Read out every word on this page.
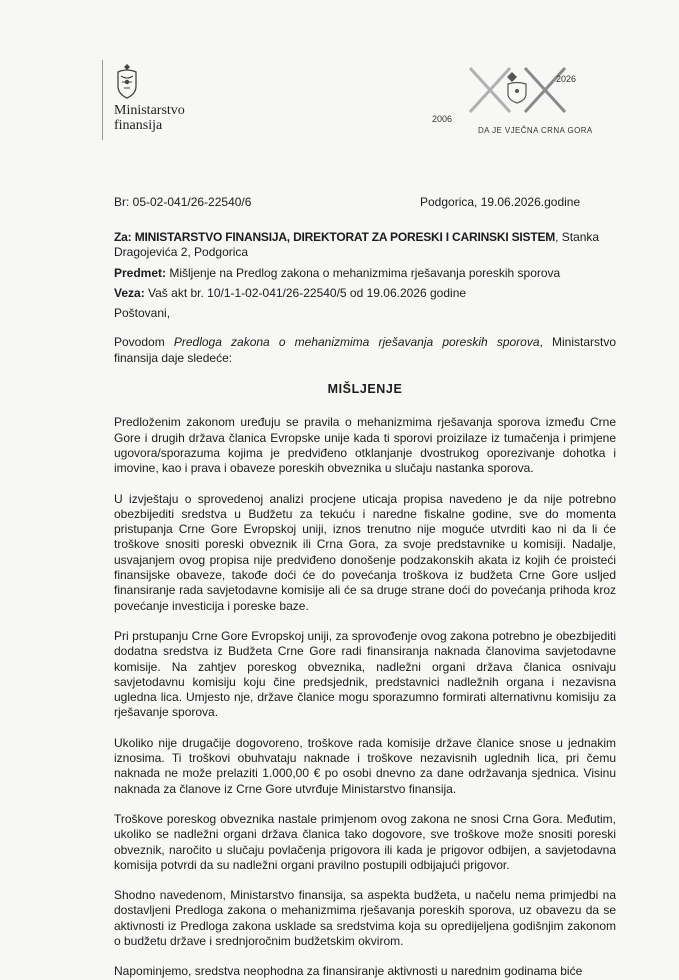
Ministarstvo
finansija	2006
2026
DA JE VJEČNA CRNA GORA
Br: 05-02-041/26-22540/6	Podgorica, 19.06.2026.godine

Za: MINISTARSTVO FINANSIJA, DIREKTORAT ZA PORESKI I CARINSKI SISTEM, Stanka Dragojevića 2, Podgorica

Predmet: Mišljenje na Predlog zakona o mehanizmima rješavanja poreskih sporova

Veza: Vaš akt br. 10/1-1-02-041/26-22540/5 od 19.06.2026 godine

Poštovani,

Povodom Predloga zakona o mehanizmima rješavanja poreskih sporova, Ministarstvo finansija daje sledeće:

MIŠLJENJE

Predloženim zakonom uređuju se pravila o mehanizmima rješavanja sporova između Crne Gore i drugih država članica Evropske unije kada ti sporovi proizilaze iz tumačenja i primjene ugovora/sporazuma kojima je predviđeno otklanjanje dvostrukog oporezivanje dohotka i imovine, kao i prava i obaveze poreskih obveznika u slučaju nastanka sporova.

U izvještaju o sprovedenoj analizi procjene uticaja propisa navedeno je da nije potrebno obezbijediti sredstva u Budžetu za tekuću i naredne fiskalne godine, sve do momenta pristupanja Crne Gore Evropskoj uniji, iznos trenutno nije moguće utvrditi kao ni da li će troškove snositi poreski obveznik ili Crna Gora, za svoje predstavnike u komisiji. Nadalje, usvajanjem ovog propisa nije predviđeno donošenje podzakonskih akata iz kojih će proisteći finansijske obaveze, takođe doći će do povećanja troškova iz budžeta Crne Gore usljed finansiranje rada savjetodavne komisije ali će sa druge strane doći do povećanja prihoda kroz povećanje investicija i poreske baze.

Pri prstupanju Crne Gore Evropskoj uniji, za sprovođenje ovog zakona potrebno je obezbijediti dodatna sredstva iz Budžeta Crne Gore radi finansiranja naknada članovima savjetodavne komisije. Na zahtjev poreskog obveznika, nadležni organi država članica osnivaju savjetodavnu komisiju koju čine predsjednik, predstavnici nadležnih organa i nezavisna ugledna lica. Umjesto nje, države članice mogu sporazumno formirati alternativnu komisiju za rješavanje sporova.

Ukoliko nije drugačije dogovoreno, troškove rada komisije države članice snose u jednakim iznosima. Ti troškovi obuhvataju naknade i troškove nezavisnih uglednih lica, pri čemu naknada ne može prelaziti 1.000,00 € po osobi dnevno za dane održavanja sjednica. Visinu naknada za članove iz Crne Gore utvrđuje Ministarstvo finansija.

Troškove poreskog obveznika nastale primjenom ovog zakona ne snosi Crna Gora. Međutim, ukoliko se nadležni organi država članica tako dogovore, sve troškove može snositi poreski obveznik, naročito u slučaju povlačenja prigovora ili kada je prigovor odbijen, a savjetodavna komisija potvrdi da su nadležni organi pravilno postupili odbijajući prigovor.

Shodno navedenom, Ministarstvo finansija, sa aspekta budžeta, u načelu nema primjedbi na dostavljeni Predloga zakona o mehanizmima rješavanja poreskih sporova, uz obavezu da se aktivnosti iz Predloga zakona uskladе sa sredstvima koja su opredijeljena godišnjim zakonom o budžetu države i srednjoročnim budžetskim okvirom.

Napominjemo, sredstva neophodna za finansiranje aktivnosti u narednim godinama biće
